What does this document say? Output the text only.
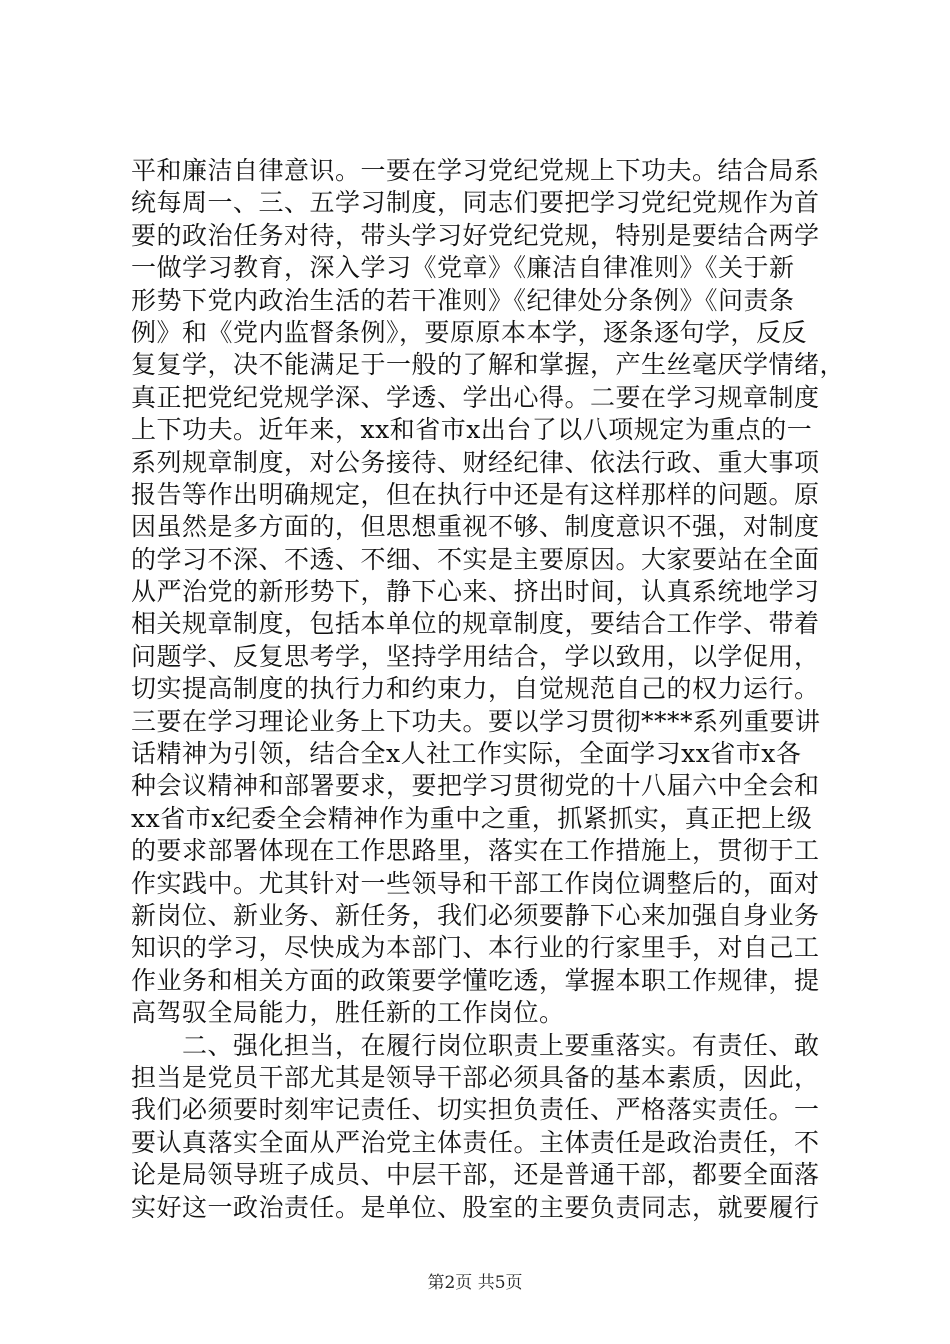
平和廉洁自律意识。一要在学习党纪党规上下功夫。结合局系
统每周一、三、五学习制度，同志们要把学习党纪党规作为首
要的政治任务对待，带头学习好党纪党规，特别是要结合两学
一做学习教育，深入学习《党章》《廉洁自律准则》《关于新
形势下党内政治生活的若干准则》《纪律处分条例》《问责条
例》和《党内监督条例》，要原原本本学，逐条逐句学，反反
复复学，决不能满足于一般的了解和掌握，产生丝毫厌学情绪，
真正把党纪党规学深、学透、学出心得。二要在学习规章制度
上下功夫。近年来，xx和省市x出台了以八项规定为重点的一
系列规章制度，对公务接待、财经纪律、依法行政、重大事项
报告等作出明确规定，但在执行中还是有这样那样的问题。原
因虽然是多方面的，但思想重视不够、制度意识不强，对制度
的学习不深、不透、不细、不实是主要原因。大家要站在全面
从严治党的新形势下，静下心来、挤出时间，认真系统地学习
相关规章制度，包括本单位的规章制度，要结合工作学、带着
问题学、反复思考学，坚持学用结合，学以致用，以学促用，
切实提高制度的执行力和约束力，自觉规范自己的权力运行。
三要在学习理论业务上下功夫。要以学习贯彻****系列重要讲
话精神为引领，结合全x人社工作实际，全面学习xx省市x各
种会议精神和部署要求，要把学习贯彻党的十八届六中全会和
xx省市x纪委全会精神作为重中之重，抓紧抓实，真正把上级
的要求部署体现在工作思路里，落实在工作措施上，贯彻于工
作实践中。尤其针对一些领导和干部工作岗位调整后的，面对
新岗位、新业务、新任务，我们必须要静下心来加强自身业务
知识的学习，尽快成为本部门、本行业的行家里手，对自己工
作业务和相关方面的政策要学懂吃透，掌握本职工作规律，提
高驾驭全局能力，胜任新的工作岗位。
　　二、强化担当，在履行岗位职责上要重落实。有责任、敢
担当是党员干部尤其是领导干部必须具备的基本素质，因此，
我们必须要时刻牢记责任、切实担负责任、严格落实责任。一
要认真落实全面从严治党主体责任。主体责任是政治责任，不
论是局领导班子成员、中层干部，还是普通干部，都要全面落
实好这一政治责任。是单位、股室的主要负责同志，就要履行
第2页 共5页
